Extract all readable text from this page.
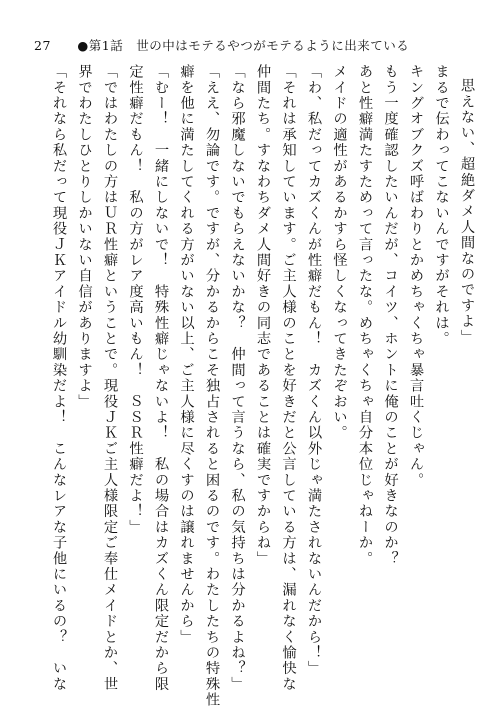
27 ●第1話　世の中はモテるやつがモテるように出来ている
思えない、超絶ダメ人間なのですよ」
まるで伝わってこないんですがそれは。
キングオブクズ呼ばわりとかめちゃくちゃ暴言吐くじゃん。
もう一度確認したいんだが、コイツ、ホントに俺のことが好きなのか？
あと性癖満たすためって言ったな。めちゃくちゃ自分本位じゃねーか。
メイドの適性があるかすら怪しくなってきたぞおい。
「わ、私だってカズくんが性癖だもん！　カズくん以外じゃ満たされないんだから！」
「それは承知しています。ご主人様のことを好きだと公言している方は、漏れなく愉快な
仲間たち。すなわちダメ人間好きの同志であることは確実ですからね」
「なら邪魔しないでもらえないかな？　仲間って言うなら、私の気持ちは分かるよね？」
「ええ、勿論です。ですが、分かるからこそ独占されると困るのです。わたしたちの特殊性
癖を他に満たしてくれる方がいない以上、ご主人様に尽くすのは譲れませんから」
「むー！　一緒にしないで！　特殊性癖じゃないよ！　私の場合はカズくん限定だから限
定性癖だもん！　私の方がレア度高いもん！　ＳＳＲ性癖だよ！」
「ではわたしの方はＵＲ性癖ということで。現役ＪＫご主人様限定ご奉仕メイドとか、世
界でわたしひとりしかいない自信がありますよ」
「それなら私だって現役ＪＫアイドル幼馴染だよ！　こんなレアな子他にいるの？　いな
